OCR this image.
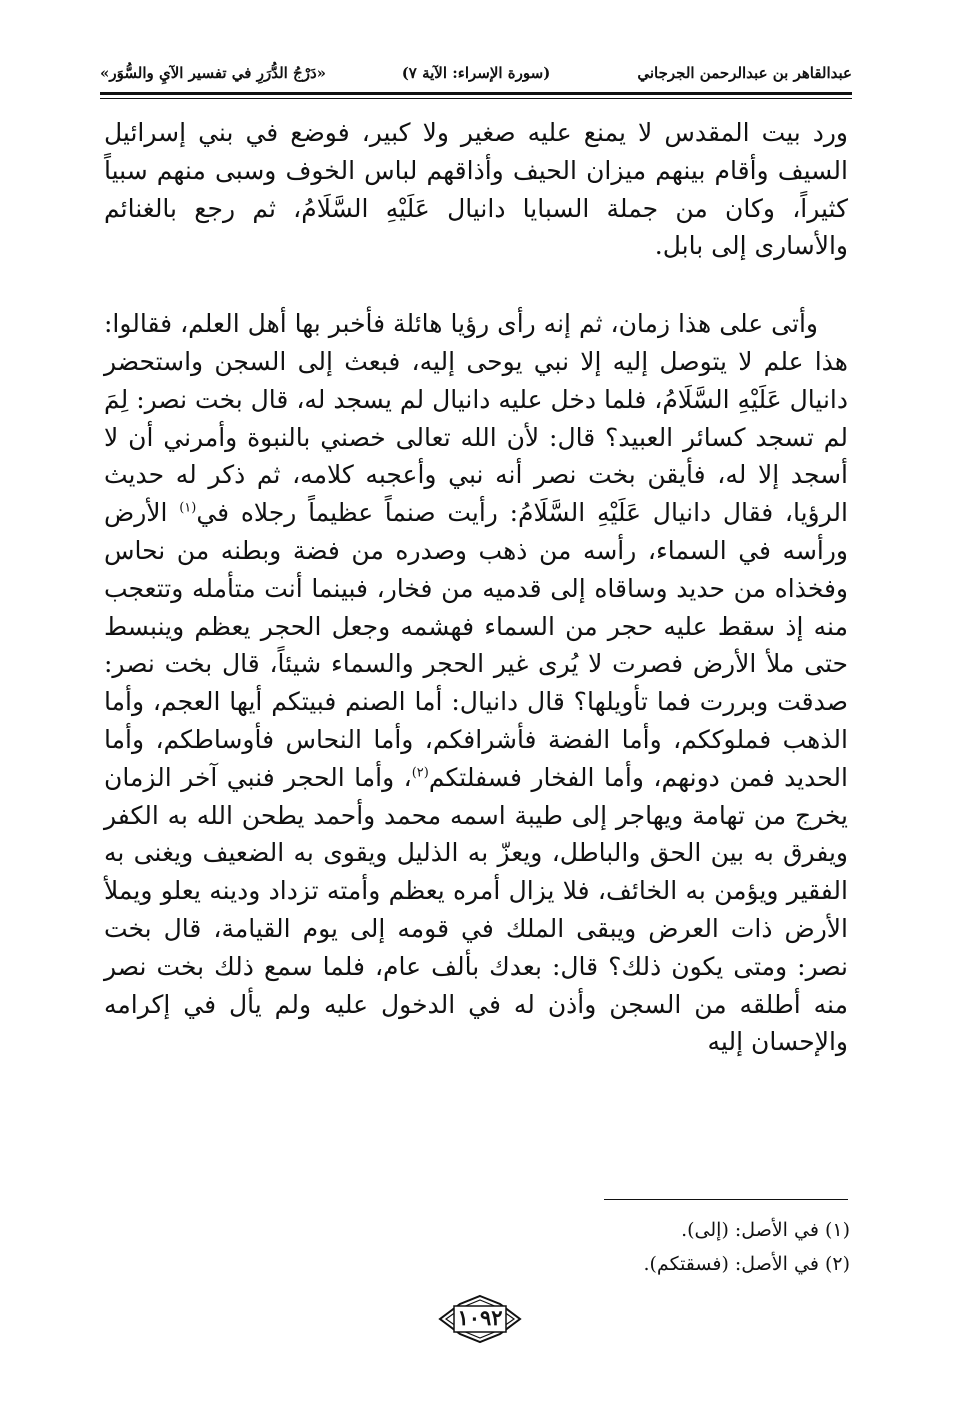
عبدالقاهر بن عبدالرحمن الجرجاني
(سورة الإسراء: الآية ٧)
«دَرْجُ الدُّرَرِ في تفسير الآيِ والسُّوَر»

ورد بيت المقدس لا يمنع عليه صغير ولا كبير، فوضع في بني إسرائيل السيف وأقام بينهم ميزان الحيف وأذاقهم لباس الخوف وسبى منهم سبياً كثيراً، وكان من جملة السبايا دانيال عَلَيْهِ السَّلَامُ، ثم رجع بالغنائم والأسارى إلى بابل.

وأتى على هذا زمان، ثم إنه رأى رؤيا هائلة فأخبر بها أهل العلم، فقالوا: هذا علم لا يتوصل إليه إلا نبي يوحى إليه، فبعث إلى السجن واستحضر دانيال عَلَيْهِ السَّلَامُ، فلما دخل عليه دانيال لم يسجد له، قال بخت نصر: لِمَ لم تسجد كسائر العبيد؟ قال: لأن الله تعالى خصني بالنبوة وأمرني أن لا أسجد إلا له، فأيقن بخت نصر أنه نبي وأعجبه كلامه، ثم ذكر له حديث الرؤيا، فقال دانيال عَلَيْهِ السَّلَامُ: رأيت صنماً عظيماً رجلاه في$^{(١)}$ الأرض ورأسه في السماء، رأسه من ذهب وصدره من فضة وبطنه من نحاس وفخذاه من حديد وساقاه إلى قدميه من فخار، فبينما أنت متأمله وتتعجب منه إذ سقط عليه حجر من السماء فهشمه وجعل الحجر يعظم وينبسط حتى ملأ الأرض فصرت لا يُرى غير الحجر والسماء شيئاً، قال بخت نصر: صدقت وبررت فما تأويلها؟ قال دانيال: أما الصنم فبيتكم أيها العجم، وأما الذهب فملوككم، وأما الفضة فأشرافكم، وأما النحاس فأوساطكم، وأما الحديد فمن دونهم، وأما الفخار فسفلتكم$^{(٢)}$، وأما الحجر فنبي آخر الزمان يخرج من تهامة ويهاجر إلى طيبة اسمه محمد وأحمد يطحن الله به الكفر ويفرق به بين الحق والباطل، ويعزّ به الذليل ويقوى به الضعيف ويغنى به الفقير ويؤمن به الخائف، فلا يزال أمره يعظم وأمته تزداد ودينه يعلو ويملأ الأرض ذات العرض ويبقى الملك في قومه إلى يوم القيامة، قال بخت نصر: ومتى يكون ذلك؟ قال: بعدك بألف عام، فلما سمع ذلك بخت نصر منه أطلقه من السجن وأذن له في الدخول عليه ولم يأل في إكرامه والإحسان إليه

(١) في الأصل: (إلى).
(٢) في الأصل: (فسقتكم).
١٠٩٢
